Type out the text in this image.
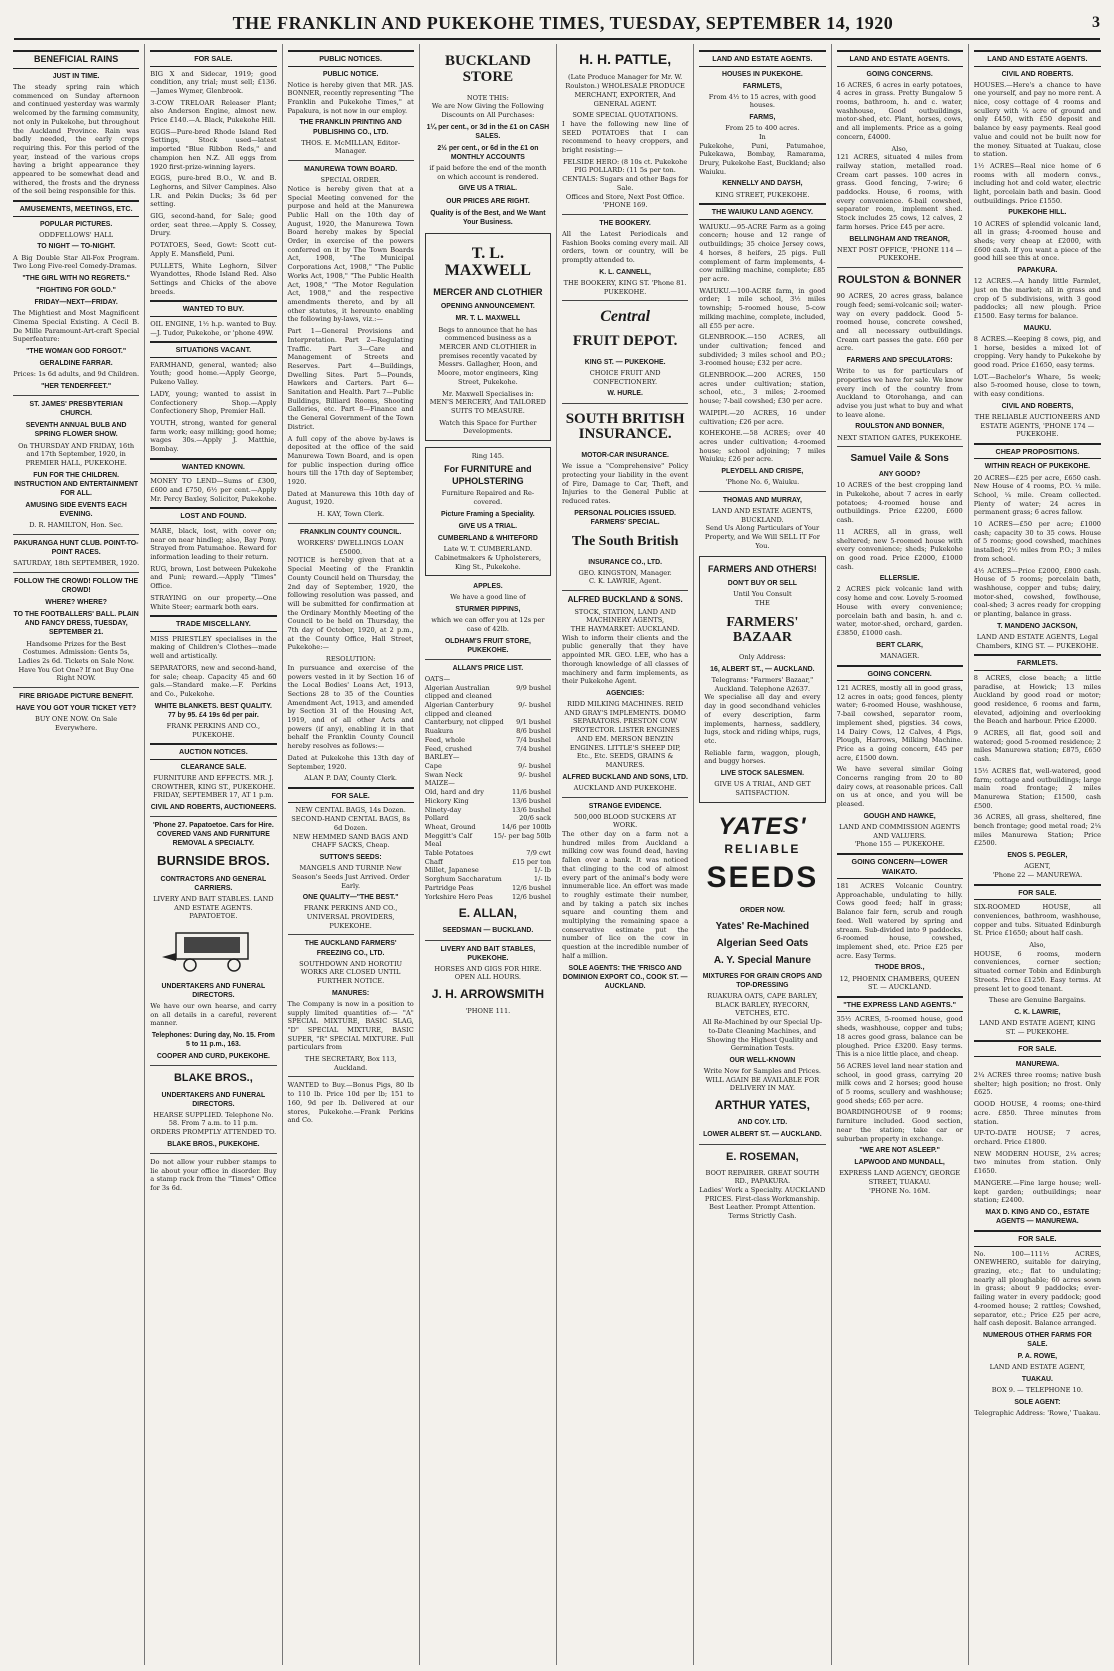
THE FRANKLIN AND PUKEKOHE TIMES, TUESDAY, SEPTEMBER 14, 1920	3
BENEFICIAL RAINS
JUST IN TIME.

The steady spring rain which commenced on Sunday afternoon and continued yesterday was warmly welcomed by the farming community, not only in Pukekohe, but throughout the Auckland Province. Rain was badly needed, the early crops requiring this. For this period of the year, instead of the various crops having a bright appearance they appeared to be somewhat dead and withered, the frosts and the dryness of the soil being responsible for this.

AMUSEMENTS, MEETINGS, ETC.
POPULAR PICTURES.
ODDFELLOWS' HALL
TO NIGHT — TO-NIGHT.

A Big Double Star All-Fox Program. Two Long Five-reel Comedy-Dramas.

"THE GIRL WITH NO REGRETS."
"FIGHTING FOR GOLD."
FRIDAY—NEXT—FRIDAY.

The Mightiest and Most Magnificent Cinema Special Existing. A Cecil B. De Mille Paramount-Art-craft Special Superfeature:

"THE WOMAN GOD FORGOT."
GERALDINE FARRAR.
Prices: 1s 6d adults, and 9d Children.
"HER TENDERFEET."
ST. JAMES' PRESBYTERIAN CHURCH.
SEVENTH ANNUAL BULB AND SPRING FLOWER SHOW.

On THURSDAY AND FRIDAY, 16th and 17th September, 1920, in PREMIER HALL, PUKEKOHE.

FUN FOR THE CHILDREN. INSTRUCTION AND ENTERTAINMENT FOR ALL.
AMUSING SIDE EVENTS EACH EVENING.
D. R. HAMILTON, Hon. Sec.
PAKURANGA HUNT CLUB. POINT-TO-POINT RACES.
SATURDAY, 18th SEPTEMBER, 1920.
FOLLOW THE CROWD! FOLLOW THE CROWD!
WHERE? WHERE?
TO THE FOOTBALLERS' BALL. PLAIN AND FANCY DRESS, TUESDAY, SEPTEMBER 21.

Handsome Prizes for the Best Costumes. Admission: Gents 5s, Ladies 2s 6d. Tickets on Sale Now. Have You Got One? If not Buy One Right NOW.

FIRE BRIGADE PICTURE BENEFIT.
HAVE YOU GOT YOUR TICKET YET?
BUY ONE NOW. On Sale Everywhere.
FOR SALE.

BIG X and Sidecar, 1919; good condition, any trial; must sell; £136.—James Wymer, Glenbrook.

3-COW TRELOAR Releaser Plant; also Anderson Engine, almost new. Price £140.—A. Black, Pukekohe Hill.

EGGS—Pure-bred Rhode Island Red Settings, Stock used—latest imported "Blue Ribbon Reds," and champion hen N.Z. All eggs from 1920 first-prize-winning layers.

EGGS, pure-bred B.O., W. and B. Leghorns, and Silver Campines. Also I.R. and Pekin Ducks; 3s 6d per setting.

GIG, second-hand, for Sale; good order, seat three.—Apply S. Cossey, Drury.

POTATOES, Seed, Gowt: Scott cut-Apply E. Mansfield, Puni.

PULLETS, White Leghorn, Silver Wyandottes, Rhode Island Red. Also Settings and Chicks of the above breeds.

WANTED TO BUY.

OIL ENGINE, 1½ h.p. wanted to Buy.—J. Tudor, Pukekohe, or 'phone 49W.

SITUATIONS VACANT.

FARMHAND, general, wanted; also Youth; good home.—Apply George, Pukeno Valley.

LADY, young; wanted to assist in Confectionery Shop.—Apply Confectionery Shop, Premier Hall.

YOUTH, strong, wanted for general farm work; easy milking; good home; wages 30s.—Apply J. Matthie, Bombay.

WANTED KNOWN.

MONEY TO LEND—Sums of £300, £600 and £750, 6½ per cent.—Apply Mr. Percy Baxley, Solicitor, Pukekohe.

LOST AND FOUND.

MARE, black, lost, with cover on; near on near hindleg; also, Bay Pony. Strayed from Patumahoe. Reward for information leading to their return.

RUG, brown, Lost between Pukekohe and Puni; reward.—Apply "Times" Office.

STRAYING on our property.—One White Steer; earmark both ears.

TRADE MISCELLANY.

MISS PRIESTLEY specialises in the making of Children's Clothes—made well and artistically.

SEPARATORS, new and second-hand, for sale; cheap. Capacity 45 and 60 gals.—Standard make.—F. Perkins and Co., Pukekohe.

WHITE BLANKETS. BEST QUALITY. 77 by 95. £4 19s 6d per pair.
FRANK PERKINS AND CO., PUKEKOHE.
AUCTION NOTICES.
CLEARANCE SALE.

FURNITURE AND EFFECTS. MR. J. CROWTHER, KING ST., PUKEKOHE. FRIDAY, SEPTEMBER 17, AT 1 p.m.

CIVIL AND ROBERTS, AUCTIONEERS.
'Phone 27. Papatoetoe. Cars for Hire. COVERED VANS AND FURNITURE REMOVAL A SPECIALTY.
BURNSIDE BROS.
CONTRACTORS AND GENERAL CARRIERS.
LIVERY AND BAIT STABLES. LAND AND ESTATE AGENTS. PAPATOETOE.
UNDERTAKERS AND FUNERAL DIRECTORS.

We have our own hearse, and carry on all details in a careful, reverent manner.

Telephones: During day, No. 15. From 5 to 11 p.m., 163.
COOPER AND CURD, PUKEKOHE.
BLAKE BROS.,
UNDERTAKERS AND FUNERAL DIRECTORS.
HEARSE SUPPLIED. Telephone No. 58. From 7 a.m. to 11 p.m.
ORDERS PROMPTLY ATTENDED TO.
BLAKE BROS., PUKEKOHE.

Do not allow your rubber stamps to lie about your office in disorder. Buy a stamp rack from the "Times" Office for 3s 6d.

PUBLIC NOTICES.
PUBLIC NOTICE.

Notice is hereby given that MR. JAS. BONNER, recently representing "The Franklin and Pukekohe Times," at Papakura, is not now in our employ.

THE FRANKLIN PRINTING AND PUBLISHING CO., LTD.
THOS. E. McMILLAN, Editor-Manager.
MANUREWA TOWN BOARD.
SPECIAL ORDER.

Notice is hereby given that at a Special Meeting convened for the purpose and held at the Manurewa Public Hall on the 10th day of August, 1920, the Manurewa Town Board hereby makes by Special Order, in exercise of the powers conferred on it by The Town Boards Act, 1908, "The Municipal Corporations Act, 1908," "The Public Works Act, 1908," "The Public Health Act, 1908," "The Motor Regulation Act, 1908," and the respective amendments thereto, and by all other statutes, it hereunto enabling the following by-laws, viz.:—

Part 1—General Provisions and Interpretation. Part 2—Regulating Traffic. Part 3—Care and Management of Streets and Reserves. Part 4—Buildings, Dwelling Sites. Part 5—Pounds, Hawkers and Carters. Part 6—Sanitation and Health. Part 7—Public Buildings, Billiard Rooms, Shooting Galleries, etc. Part 8—Finance and the General Government of the Town District.

A full copy of the above by-laws is deposited at the office of the said Manurewa Town Board, and is open for public inspection during office hours till the 17th day of September, 1920.

Dated at Manurewa this 10th day of August, 1920.

H. KAY, Town Clerk.
FRANKLIN COUNTY COUNCIL.
WORKERS' DWELLINGS LOAN £5000.

NOTICE is hereby given that at a Special Meeting of the Franklin County Council held on Thursday, the 2nd day of September, 1920, the following resolution was passed, and will be submitted for confirmation at the Ordinary Monthly Meeting of the Council to be held on Thursday, the 7th day of October, 1920, at 2 p.m., at the County Office, Hall Street, Pukekohe:—

RESOLUTION:

In pursuance and exercise of the powers vested in it by Section 16 of the Local Bodies' Loans Act, 1913, Sections 28 to 35 of the Counties Amendment Act, 1913, and amended by Section 31 of the Housing Act, 1919, and of all other Acts and powers (if any), enabling it in that behalf the Franklin County Council hereby resolves as follows:—

Dated at Pukekohe this 13th day of September, 1920.

ALAN P. DAY, County Clerk.
FOR SALE.
NEW CENTAL BAGS, 14s Dozen.
SECOND-HAND CENTAL BAGS, 8s 6d Dozen.
NEW HEMMED SAND BAGS AND CHAFF SACKS, Cheap.
SUTTON'S SEEDS:
MANGELS AND TURNIP. New Season's Seeds Just Arrived. Order Early.
ONE QUALITY—"THE BEST."
FRANK PERKINS AND CO., UNIVERSAL PROVIDERS, PUKEKOHE.
THE AUCKLAND FARMERS' FREEZING CO., LTD.
SOUTHDOWN AND HOROTIU WORKS ARE CLOSED UNTIL FURTHER NOTICE.
MANURES:

The Company is now in a position to supply limited quantities of:— "A" SPECIAL MIXTURE, BASIC SLAG, "D" SPECIAL MIXTURE, BASIC SUPER, "R" SPECIAL MIXTURE. Full particulars from

THE SECRETARY, Box 113, Auckland.

WANTED to Buy.—Bonus Pigs, 80 lb to 110 lb. Price 10d per lb; 151 to 160, 9d per lb. Delivered at our stores, Pukekohe.—Frank Perkins and Co.

BUCKLAND STORE
NOTE THIS:
We are Now Giving the Following Discounts on All Purchases:
1¼ per cent., or 3d in the £1 on CASH SALES.
2½ per cent., or 6d in the £1 on MONTHLY ACCOUNTS
if paid before the end of the month on which account is rendered.
GIVE US A TRIAL.
OUR PRICES ARE RIGHT.
Quality is of the Best, and We Want Your Business.
T. L. MAXWELL
MERCER AND CLOTHIER
OPENING ANNOUNCEMENT.
MR. T. L. MAXWELL

Begs to announce that he has commenced business as a MERCER AND CLOTHIER in premises recently vacated by Messrs. Gallagher, Hoon, and Moore, motor engineers, King Street, Pukekohe.

Mr. Maxwell Specialises in: MEN'S MERCERY, And TAILORED SUITS TO MEASURE.

Watch this Space for Further Developments.
Ring 145.
For FURNITURE and UPHOLSTERING
Furniture Repaired and Re-covered.
Picture Framing a Speciality.
GIVE US A TRIAL.
CUMBERLAND & WHITEFORD
Late W. T. CUMBERLAND. Cabinetmakers & Upholsterers, King St., Pukekohe.
APPLES.
We have a good line of
STURMER PIPPINS,
which we can offer you at 12s per case of 42lb.
OLDHAM'S FRUIT STORE, PUKEKOHE.
ALLAN'S PRICE LIST.
OATS—
Algerian Australian clipped and cleaned
9/9 bushel
Algerian Canterbury clipped and cleaned
9/- bushel
Canterbury, not clipped	9/1 bushel
Ruakura	8/6 bushel
Feed, whole	7/4 bushel
Feed, crushed	7/4 bushel
BARLEY—
Cape	9/- bushel
Swan Neck	9/- bushel
MAIZE—
Old, hard and dry	11/6 bushel
Hickory King	13/6 bushel
Ninety-day	13/6 bushel
Pollard	20/6 sack
Wheat, Ground	14/6 per 100lb
Meggitt's Calf Meal
15/- per bag 50lb
Table Potatoes	7/9 cwt
Chaff	£15 per ton
Millet, Japanese	1/- lb
Sorghum Saccharatum	1/- lb
Partridge Peas	12/6 bushel
Yorkshire Hero Peas	12/6 bushel
E. ALLAN,
SEEDSMAN — BUCKLAND.
LIVERY AND BAIT STABLES, PUKEKOHE.
HORSES AND GIGS FOR HIRE.
OPEN ALL HOURS.
J. H. ARROWSMITH
'PHONE 111.
H. H. PATTLE,

(Late Produce Manager for Mr. W. Roulston.) WHOLESALE PRODUCE MERCHANT, EXPORTER, And GENERAL AGENT.

SOME SPECIAL QUOTATIONS.

I have the following new line of SEED POTATOES that I can recommend to heavy croppers, and bright resisting:—

FELSIDE HERO: (8 10s ct. Pukekohe
PIG POLLARD: (11 5s per ton.
CENTALS: Sugars and other Bags for Sale.
Offices and Store, Next Post Office. 'PHONE 169.
THE BOOKERY.

All the Latest Periodicals and Fashion Books coming every mail. All orders, town or country, will be promptly attended to.

K. L. CANNELL,
THE BOOKERY, KING ST. 'Phone 81. PUKEKOHE.
Central
FRUIT DEPOT.
KING ST. — PUKEKOHE.
CHOICE FRUIT AND CONFECTIONERY.
W. HURLE.
SOUTH BRITISH INSURANCE.
MOTOR-CAR INSURANCE.

We issue a "Comprehensive" Policy protecting your liability in the event of Fire, Damage to Car, Theft, and Injuries to the General Public at reduced rates.

PERSONAL POLICIES ISSUED. FARMERS' SPECIAL.
The South British
INSURANCE CO., LTD.
GEO. KINGSTON, Manager.
C. K. LAWRIE, Agent.
ALFRED BUCKLAND & SONS.
STOCK, STATION, LAND AND MACHINERY AGENTS,
THE HAYMARKET: AUCKLAND.

Wish to inform their clients and the public generally that they have appointed MR. GEO. LEE, who has a thorough knowledge of all classes of machinery and farm implements, as their Pukekohe Agent.

AGENCIES:

RIDD MILKING MACHINES. REID AND GRAY'S IMPLEMENTS. DOMO SEPARATORS. PRESTON COW PROTECTOR. LISTER ENGINES AND EM. MERSON BENZIN ENGINES. LITTLE'S SHEEP DIP, Etc., Etc. SEEDS, GRAINS & MANURES.

ALFRED BUCKLAND AND SONS, LTD.
AUCKLAND AND PUKEKOHE.
STRANGE EVIDENCE.
500,000 BLOOD SUCKERS AT WORK.

The other day on a farm not a hundred miles from Auckland a milking cow was found dead, having fallen over a bank. It was noticed that clinging to the cod of almost every part of the animal's body were innumerable lice. An effort was made to roughly estimate their number, and by taking a patch six inches square and counting them and multiplying the remaining space a conservative estimate put the number of lice on the cow in question at the incredible number of half a million.

SOLE AGENTS: THE 'FRISCO AND DOMINION EXPORT CO., COOK ST. — AUCKLAND.
LAND AND ESTATE AGENTS.
HOUSES IN PUKEKOHE.
FARMLETS,
From 4½ to 15 acres, with good houses.
FARMS,
From 25 to 400 acres.
In

Pukekohe, Puni, Patumahoe, Pukekawa, Bombay, Ramarama, Drury, Pukekohe East, Buckland; also Waiuku.

KENNELLY AND DAYSH,
KING STREET, PUKEKOHE.
THE WAIUKU LAND AGENCY.

WAIUKU.—95-ACRE Farm as a going concern; house and 12 range of outbuildings; 35 choice Jersey cows, 4 horses, 8 heifers, 25 pigs. Full complement of farm implements, 4-cow milking machine, complete; £85 per acre.

WAIUKU.—100-ACRE farm, in good order; 1 mile school, 3½ miles township; 5-roomed house, 5-cow milking machine, complete, included, all £55 per acre.

GLENBROOK.—150 ACRES, all under cultivation; fenced and subdivided; 3 miles school and P.O.; 3-roomed house; £32 per acre.

GLENBROOK.—200 ACRES, 150 acres under cultivation; station, school, etc., 3 miles; 2-roomed house; 7-bail cowshed; £30 per acre.

WAIPIPI.—20 ACRES, 16 under cultivation; £26 per acre.

KOHEKOHE.—58 ACRES; over 40 acres under cultivation; 4-roomed house; school adjoining; 7 miles Waiuku; £26 per acre.

PLEYDELL AND CRISPE,
'Phone No. 6, Waiuku.
THOMAS AND MURRAY,
LAND AND ESTATE AGENTS, BUCKLAND.

Send Us Along Particulars of Your Property, and We Will SELL IT For You.

FARMERS AND OTHERS!
DON'T BUY OR SELL
Until You Consult
THE
FARMERS' BAZAAR
Only Address:
16, ALBERT ST., — AUCKLAND.
Telegrams: "Farmers' Bazaar," Auckland. Telephone A2637.

We specialise all day and every day in good secondhand vehicles of every description, farm implements, harness, saddlery, lugs, stock and riding whips, rugs, etc.

Reliable farm, waggon, plough, and buggy horses.

LIVE STOCK SALESMEN.
GIVE US A TRIAL, AND GET SATISFACTION.
YATES'
RELIABLE
SEEDS
ORDER NOW.
Yates' Re-Machined
Algerian Seed Oats
A. Y. Special Manure
MIXTURES FOR GRAIN CROPS AND TOP-DRESSING
RUAKURA OATS, CAPE BARLEY, BLACK BARLEY, RYECORN, VETCHES, ETC.

All Re-Machined by our Special Up-to-Date Cleaning Machines, and Showing the Highest Quality and Germination Tests.

OUR WELL-KNOWN
Write Now for Samples and Prices. WILL AGAIN BE AVAILABLE FOR DELIVERY IN MAY.
ARTHUR YATES,
AND COY. LTD.
LOWER ALBERT ST. — AUCKLAND.
E. ROSEMAN,
BOOT REPAIRER. GREAT SOUTH RD., PAPAKURA.
Ladies' Work a Specialty. AUCKLAND PRICES. First-class Workmanship. Best Leather. Prompt Attention. Terms Strictly Cash.
LAND AND ESTATE AGENTS.
GOING CONCERNS.

16 ACRES, 6 acres in early potatoes, 4 acres in grass. Pretty Bungalow 5 rooms, bathroom, h. and c. water, washhouse, Good outbuildings, motor-shed, etc. Plant, horses, cows, and all implements. Price as a going concern, £4000.

Also,

121 ACRES, situated 4 miles from railway station, metalled road. Cream cart passes. 100 acres in grass. Good fencing, 7-wire; 6 paddocks. House, 6 rooms, with every convenience. 6-bail cowshed, separator room, implement shed. Stock includes 25 cows, 12 calves, 2 farm horses. Price £45 per acre.

BELLINGHAM AND TREANOR,
NEXT POST OFFICE, 'PHONE 114 — PUKEKOHE.
ROULSTON & BONNER

90 ACRES, 20 acres grass, balance rough feed; semi-volcanic soil; water-way on every paddock. Good 5-roomed house, concrete cowshed, and all necessary outbuildings. Cream cart passes the gate. £60 per acre.

FARMERS AND SPECULATORS:

Write to us for particulars of properties we have for sale. We know every inch of the country from Auckland to Otorohanga, and can advise you just what to buy and what to leave alone.

ROULSTON AND BONNER,
NEXT STATION GATES, PUKEKOHE.
Samuel Vaile & Sons
ANY GOOD?

10 ACRES of the best cropping land in Pukekohe, about 7 acres in early potatoes; 4-roomed house and outbuildings. Price £2200, £600 cash.

11 ACRES, all in grass, well sheltered; new 5-roomed house with every convenience; sheds; Pukekohe on good road. Price £2000, £1000 cash.

ELLERSLIE.

2 ACRES pick volcanic land with cosy home and cow. Lovely 5-roomed House with every convenience; porcelain bath and basin, h. and c. water, motor-shed, orchard, garden. £3850, £1000 cash.

BERT CLARK,
MANAGER.
GOING CONCERN.

121 ACRES, mostly all in good grass, 12 acres in oats; good fences, plenty water; 6-roomed House, washhouse, 7-bail cowshed, separator room, implement shed, pigsties. 34 cows, 14 Dairy Cows, 12 Calves, 4 Pigs, Plough, Harrows, Milking Machine. Price as a going concern, £45 per acre, £1500 down.

We have several similar Going Concerns ranging from 20 to 80 dairy cows, at reasonable prices. Call on us at once, and you will be pleased.

GOUGH AND HAWKE,
LAND AND COMMISSION AGENTS AND VALUERS.
'Phone 155 — PUKEKOHE.
GOING CONCERN—LOWER WAIKATO.

181 ACRES Volcanic Country. Approachable, undulating to hilly. Cows good feed; half in grass; Balance fair fern, scrub and rough feed. Well watered by spring and stream. Sub-divided into 9 paddocks. 6-roomed house, cowshed, implement shed, etc. Price £25 per acre. Easy Terms.

THODE BROS.,
12, PHOENIX CHAMBERS, QUEEN ST. — AUCKLAND.
"THE EXPRESS LAND AGENTS."

35½ ACRES, 5-roomed house, good sheds, washhouse, copper and tubs; 18 acres good grass, balance can be ploughed. Price £3200. Easy terms. This is a nice little place, and cheap.

56 ACRES level land near station and school, in good grass, carrying 20 milk cows and 2 horses; good house of 5 rooms, scullery and washhouse; good sheds; £65 per acre.

BOARDINGHOUSE of 9 rooms; furniture included. Good section, near the station; take car or suburban property in exchange.

"WE ARE NOT ASLEEP."
LAPWOOD AND MUNDALL,
EXPRESS LAND AGENCY, GEORGE STREET, TUAKAU.
'PHONE No. 16M.
LAND AND ESTATE AGENTS.
CIVIL AND ROBERTS.

HOUSES.—Here's a chance to have one yourself, and pay no more rent. A nice, cosy cottage of 4 rooms and scullery with ¼ acre of ground and only £450, with £50 deposit and balance by easy payments. Real good value and could not be built now for the money. Situated at Tuakau, close to station.

1½ ACRES—Real nice home of 6 rooms with all modern convs., including hot and cold water, electric light, porcelain bath and basin. Good outbuildings. Price £1550.

PUKEKOHE HILL.

10 ACRES of splendid volcanic land, all in grass; 4-roomed house and sheds; very cheap at £2000, with £600 cash. If you want a piece of the good hill see this at once.

PAPAKURA.

12 ACRES.—A handy little Farmlet, just on the market; all in grass and crop of 5 subdivisions, with 3 good paddocks; all new plough. Price £1500. Easy terms for balance.

MAUKU.

8 ACRES.—Keeping 8 cows, pig, and 1 horse, besides a mixed lot of cropping. Very handy to Pukekohe by good road. Price £1650, easy terms.

LOT.—Bachelor's Whare, 5s week; also 5-roomed house, close to town, with easy conditions.

CIVIL AND ROBERTS,
THE RELIABLE AUCTIONEERS AND ESTATE AGENTS, 'PHONE 174 — PUKEKOHE.
CHEAP PROPOSITIONS.
WITHIN REACH OF PUKEKOHE.

20 ACRES—£25 per acre, £650 cash. New House of 4 rooms, P.O. ¼ mile. School, ¼ mile. Cream collected. Plenty of water; 24 acres in permanent grass; 6 acres fallow.

10 ACRES—£50 per acre; £1000 cash; capacity 30 to 35 cows. House of 5 rooms; good cowshed, machines installed; 2½ miles from P.O.; 3 miles from school.

4½ ACRES—Price £2000, £800 cash. House of 5 rooms; porcelain bath, washhouse, copper and tubs; dairy, motor-shed, cowshed, fowlhouse, coal-shed; 3 acres ready for cropping or planting, balance in grass.

T. MANDENO JACKSON,
LAND AND ESTATE AGENTS, Legal Chambers, KING ST. — PUKEKOHE.
FARMLETS.

8 ACRES, close beach; a little paradise, at Howick; 13 miles Auckland by good road or motor; good residence, 6 rooms and farm, elevated, adjoining and overlooking the Beach and harbour. Price £2000.

9 ACRES, all flat, good soil and watered; good 5-roomed residence; 2 miles Manurewa station; £875, £650 cash.

15½ ACRES flat, well-watered, good farm; cottage and outbuildings; large main road frontage; 2 miles Manurewa Station; £1500, cash £500.

36 ACRES, all grass, sheltered, fine bench frontage; good metal road; 2¼ miles Manurewa Station; Price £2500.

ENOS S. PEGLER,
AGENT,
'Phone 22 — MANUREWA.
FOR SALE.

SIX-ROOMED HOUSE, all conveniences, bathroom, washhouse, copper and tubs. Situated Edinburgh St. Price £1650; about half cash.

Also,

HOUSE, 6 rooms, modern conveniences, corner section; situated corner Tobin and Edinburgh Streets. Price £1250. Easy terms. At present let to good tenant.

These are Genuine Bargains.
C. K. LAWRIE,
LAND AND ESTATE AGENT, KING ST. — PUKEKOHE.
FOR SALE.
MANUREWA.

2¼ ACRES three rooms; native bush shelter; high position; no frost. Only £625.

GOOD HOUSE, 4 rooms; one-third acre. £850. Three minutes from station.

UP-TO-DATE HOUSE; 7 acres, orchard. Price £1800.

NEW MODERN HOUSE, 2¼ acres; two minutes from station. Only £1650.

MANGERE.—Fine large house; well-kept garden; outbuildings; near station; £2400.

MAX D. KING AND CO., ESTATE AGENTS — MANUREWA.
FOR SALE.

No. 100—111½ ACRES, ONEWHERO, suitable for dairying, grazing, etc.; flat to undulating; nearly all ploughable; 60 acres sown in grass; about 9 paddocks; ever-failing water in every paddock; good 4-roomed house; 2 rattles; Cowshed, separator, etc.; Price £25 per acre, half cash deposit. Balance arranged.

NUMEROUS OTHER FARMS FOR SALE.
P. A. ROWE,
LAND AND ESTATE AGENT,
TUAKAU.
BOX 9. — TELEPHONE 10.
SOLE AGENT:
Telegraphic Address: 'Rowe,' Tuakau.
